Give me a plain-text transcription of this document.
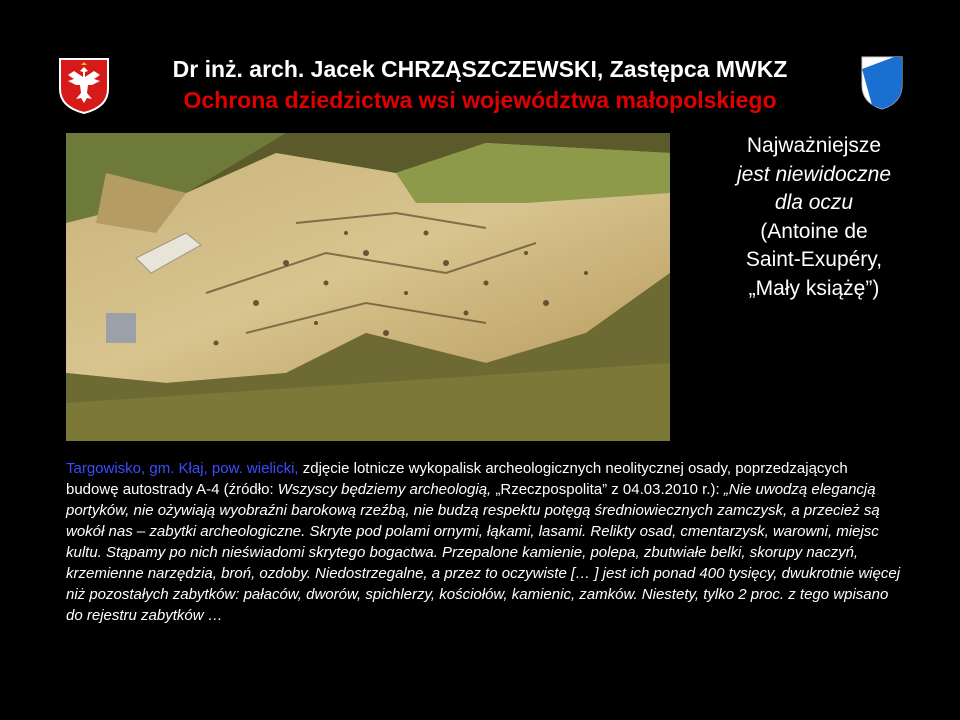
Dr inż. arch. Jacek CHRZĄSZCZEWSKI, Zastępca MWKZ
Ochrona dziedzictwa wsi województwa małopolskiego
Najważniejsze
jest niewidoczne
dla oczu
(Antoine de
Saint-Exupéry,
„Mały książę”)
Targowisko, gm. Kłaj, pow. wielicki, zdjęcie lotnicze wykopalisk archeologicznych neolitycznej osady, poprzedzających budowę autostrady A-4 (źródło: Wszyscy będziemy archeologią, „Rzeczpospolita” z 04.03.2010 r.): „Nie uwodzą elegancją portyków, nie ożywiają wyobraźni barokową rzeźbą, nie budzą respektu potęgą średniowiecznych zamczysk, a przecież są wokół nas – zabytki archeologiczne. Skryte pod polami ornymi, łąkami, lasami. Relikty osad, cmentarzysk, warowni, miejsc kultu. Stąpamy po nich nieświadomi skrytego bogactwa. Przepalone kamienie, polepa, zbutwiałe belki, skorupy naczyń, krzemienne narzędzia, broń, ozdoby. Niedostrzegalne, a przez to oczywiste [… ] jest ich ponad 400 tysięcy, dwukrotnie więcej niż pozostałych zabytków: pałaców, dworów, spichlerzy, kościołów, kamienic, zamków. Niestety, tylko 2 proc. z tego wpisano do rejestru zabytków …
